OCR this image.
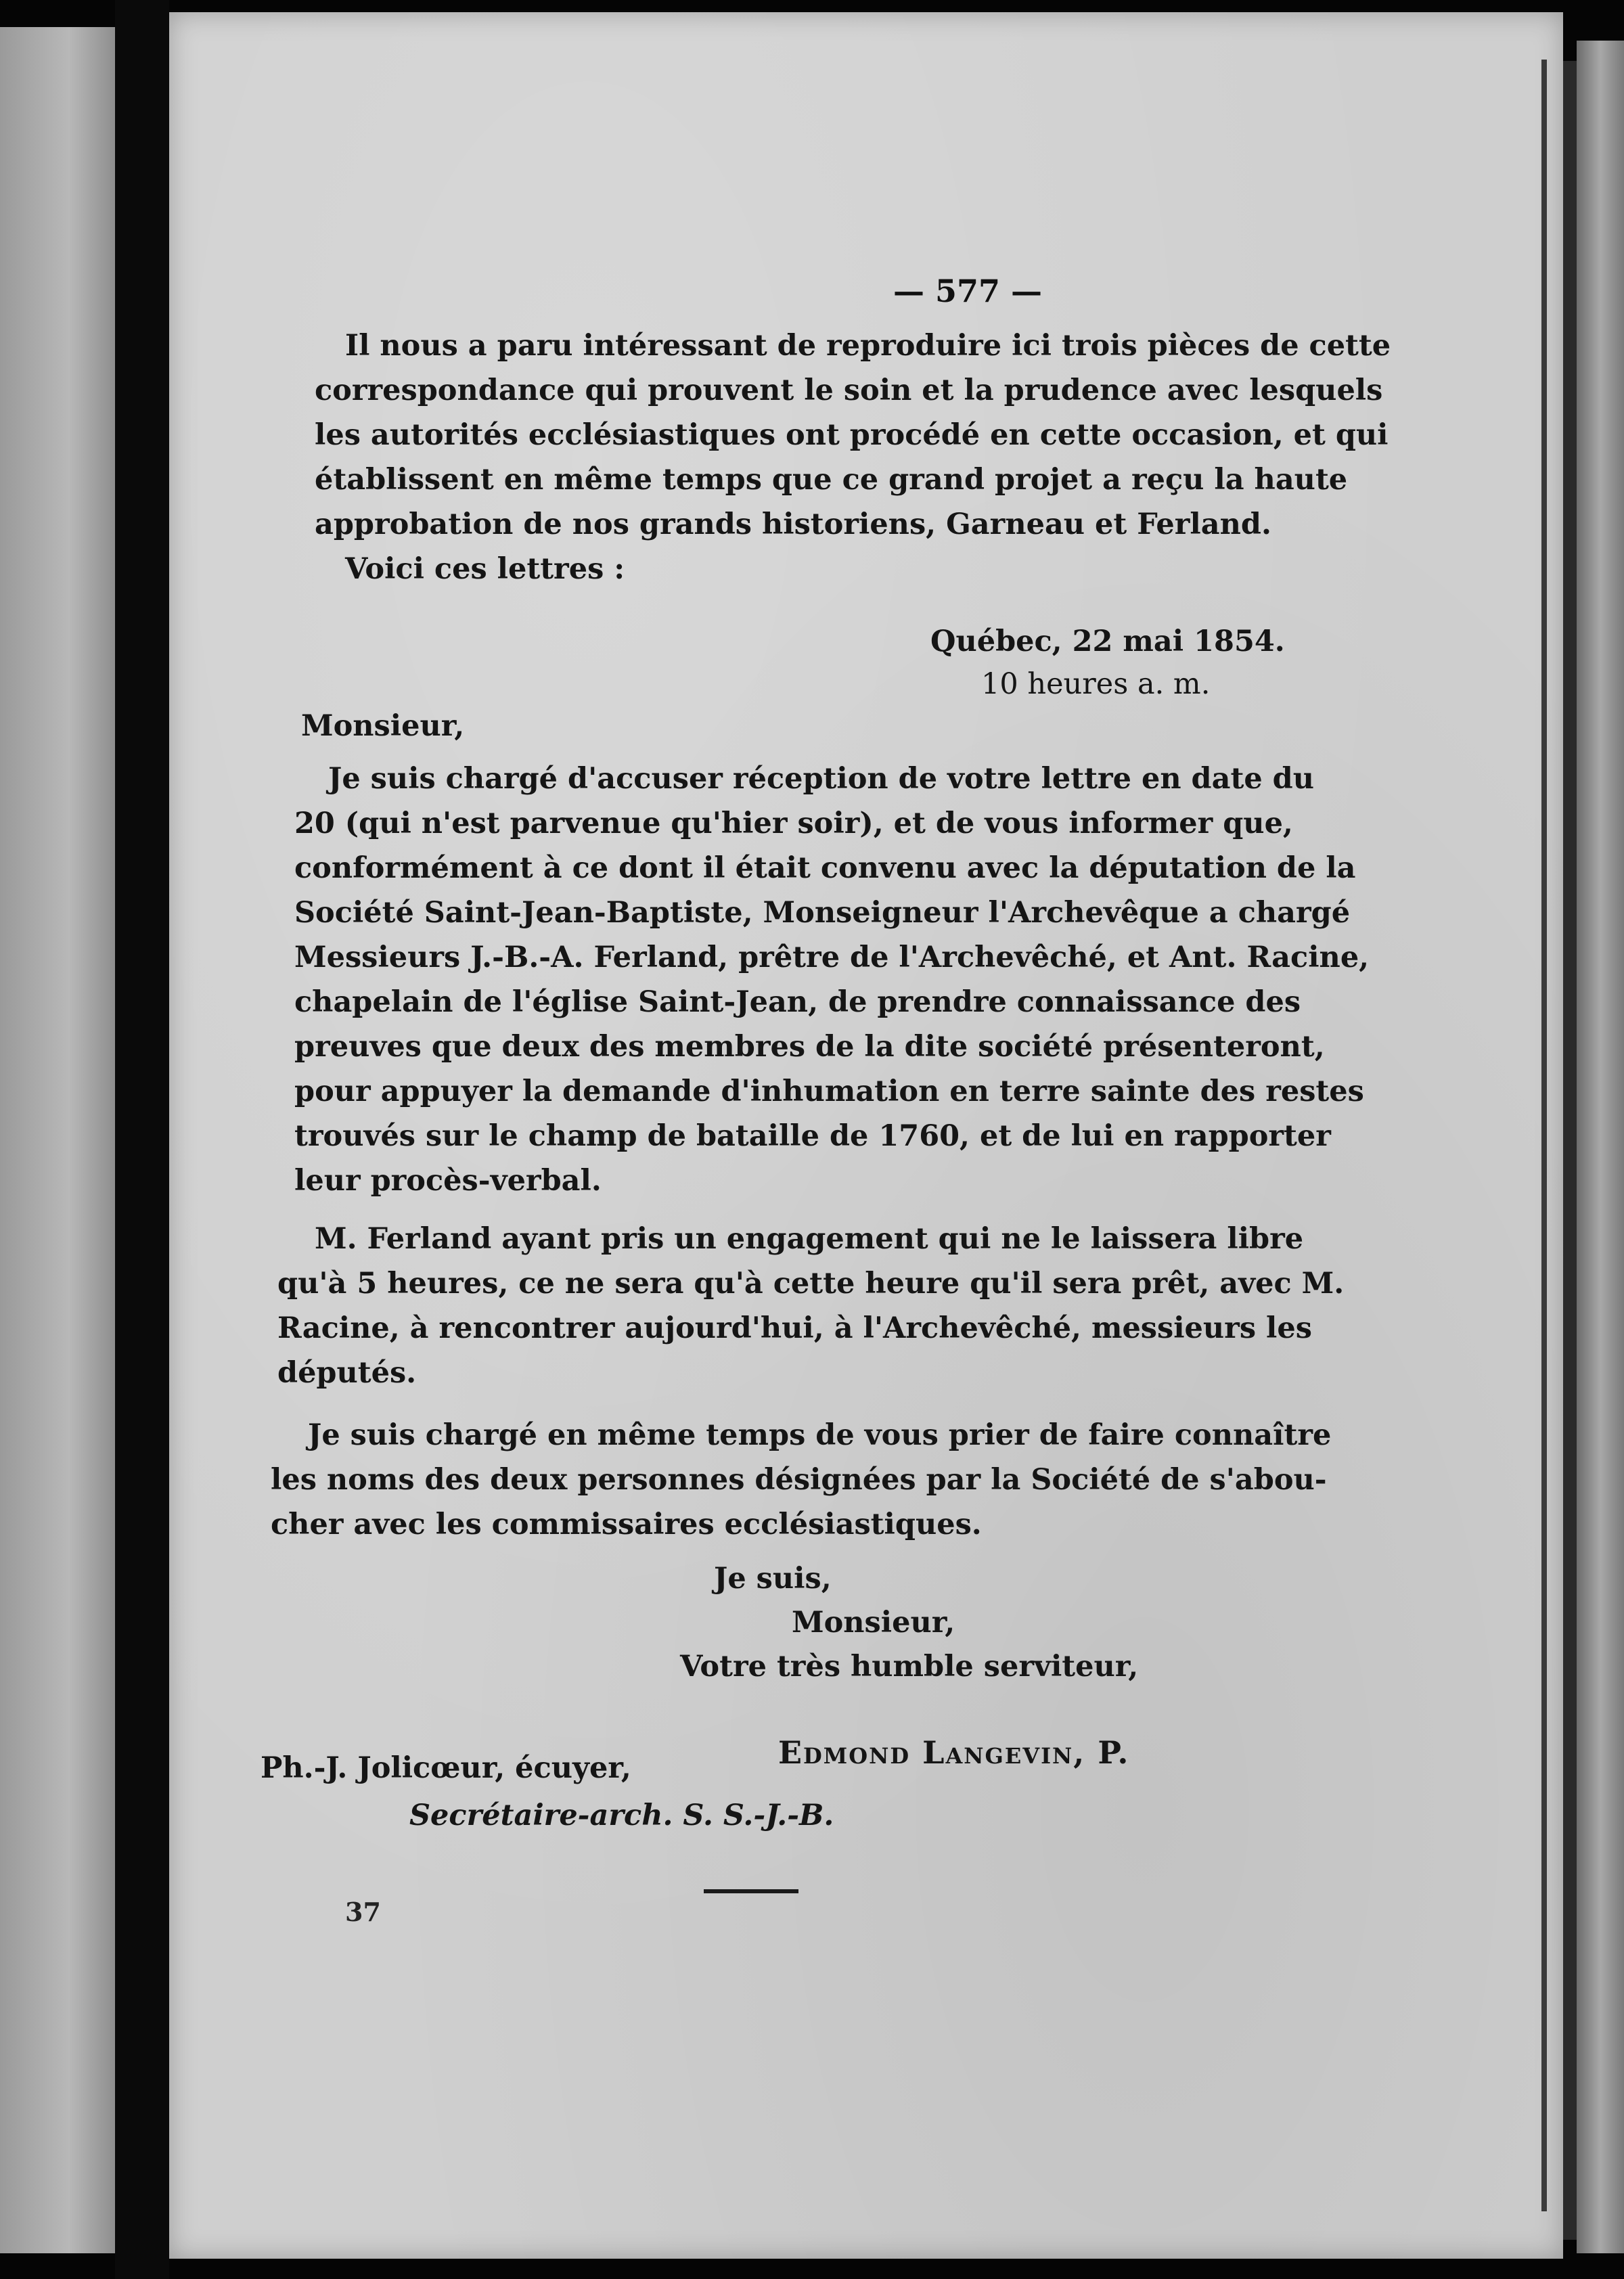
— 577 —
Il nous a paru intéressant de reproduire ici trois pièces de cette
correspondance qui prouvent le soin et la prudence avec lesquels
les autorités ecclésiastiques ont procédé en cette occasion, et qui
établissent en même temps que ce grand projet a reçu la haute
approbation de nos grands historiens, Garneau et Ferland.
Voici ces lettres :
Québec, 22 mai 1854.
10 heures a. m.
Monsieur,
Je suis chargé d'accuser réception de votre lettre en date du
20 (qui n'est parvenue qu'hier soir), et de vous informer que,
conformément à ce dont il était convenu avec la députation de la
Société Saint-Jean-Baptiste, Monseigneur l'Archevêque a chargé
Messieurs J.-B.-A. Ferland, prêtre de l'Archevêché, et Ant. Racine,
chapelain de l'église Saint-Jean, de prendre connaissance des
preuves que deux des membres de la dite société présenteront,
pour appuyer la demande d'inhumation en terre sainte des restes
trouvés sur le champ de bataille de 1760, et de lui en rapporter
leur procès-verbal.
M. Ferland ayant pris un engagement qui ne le laissera libre
qu'à 5 heures, ce ne sera qu'à cette heure qu'il sera prêt, avec M.
Racine, à rencontrer aujourd'hui, à l'Archevêché, messieurs les
députés.
Je suis chargé en même temps de vous prier de faire connaître
les noms des deux personnes désignées par la Société de s'abou-
cher avec les commissaires ecclésiastiques.
Je suis,
Monsieur,
Votre très humble serviteur,
Edmond Langevin, P.
Ph.-J. Jolicœur, écuyer,
Secrétaire-arch. S. S.-J.-B.
37
